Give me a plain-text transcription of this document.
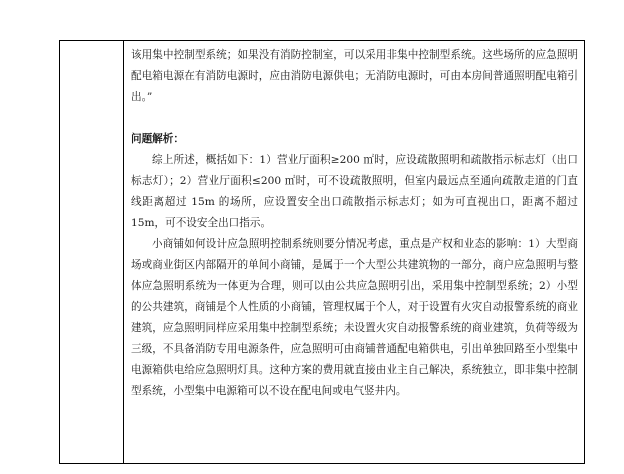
该用集中控制型系统；如果没有消防控制室，可以采用非集中控制型系统。这些场所的应急照明配电箱电源在有消防电源时，应由消防电源供电；无消防电源时，可由本房间普通照明配电箱引出。”

问题解析：

综上所述，概括如下：1）营业厅面积≥200 ㎡时，应设疏散照明和疏散指示标志灯（出口标志灯）；2）营业厅面积≤200 ㎡时，可不设疏散照明，但室内最远点至通向疏散走道的门直线距离超过 15m 的场所，应设置安全出口疏散指示标志灯；如为可直视出口，距离不超过 15m，可不设安全出口指示。

小商铺如何设计应急照明控制系统则要分情况考虑，重点是产权和业态的影响：1）大型商场或商业街区内部隔开的单间小商铺，是属于一个大型公共建筑物的一部分，商户应急照明与整体应急照明系统为一体更为合理，则可以由公共应急照明引出，采用集中控制型系统；2）小型的公共建筑，商铺是个人性质的小商铺，管理权属于个人，对于设置有火灾自动报警系统的商业建筑，应急照明同样应采用集中控制型系统；未设置火灾自动报警系统的商业建筑，负荷等级为三级，不具备消防专用电源条件，应急照明可由商铺普通配电箱供电，引出单独回路至小型集中电源箱供电给应急照明灯具。这种方案的费用就直接由业主自己解决，系统独立，即非集中控制型系统，小型集中电源箱可以不设在配电间或电气竖井内。
